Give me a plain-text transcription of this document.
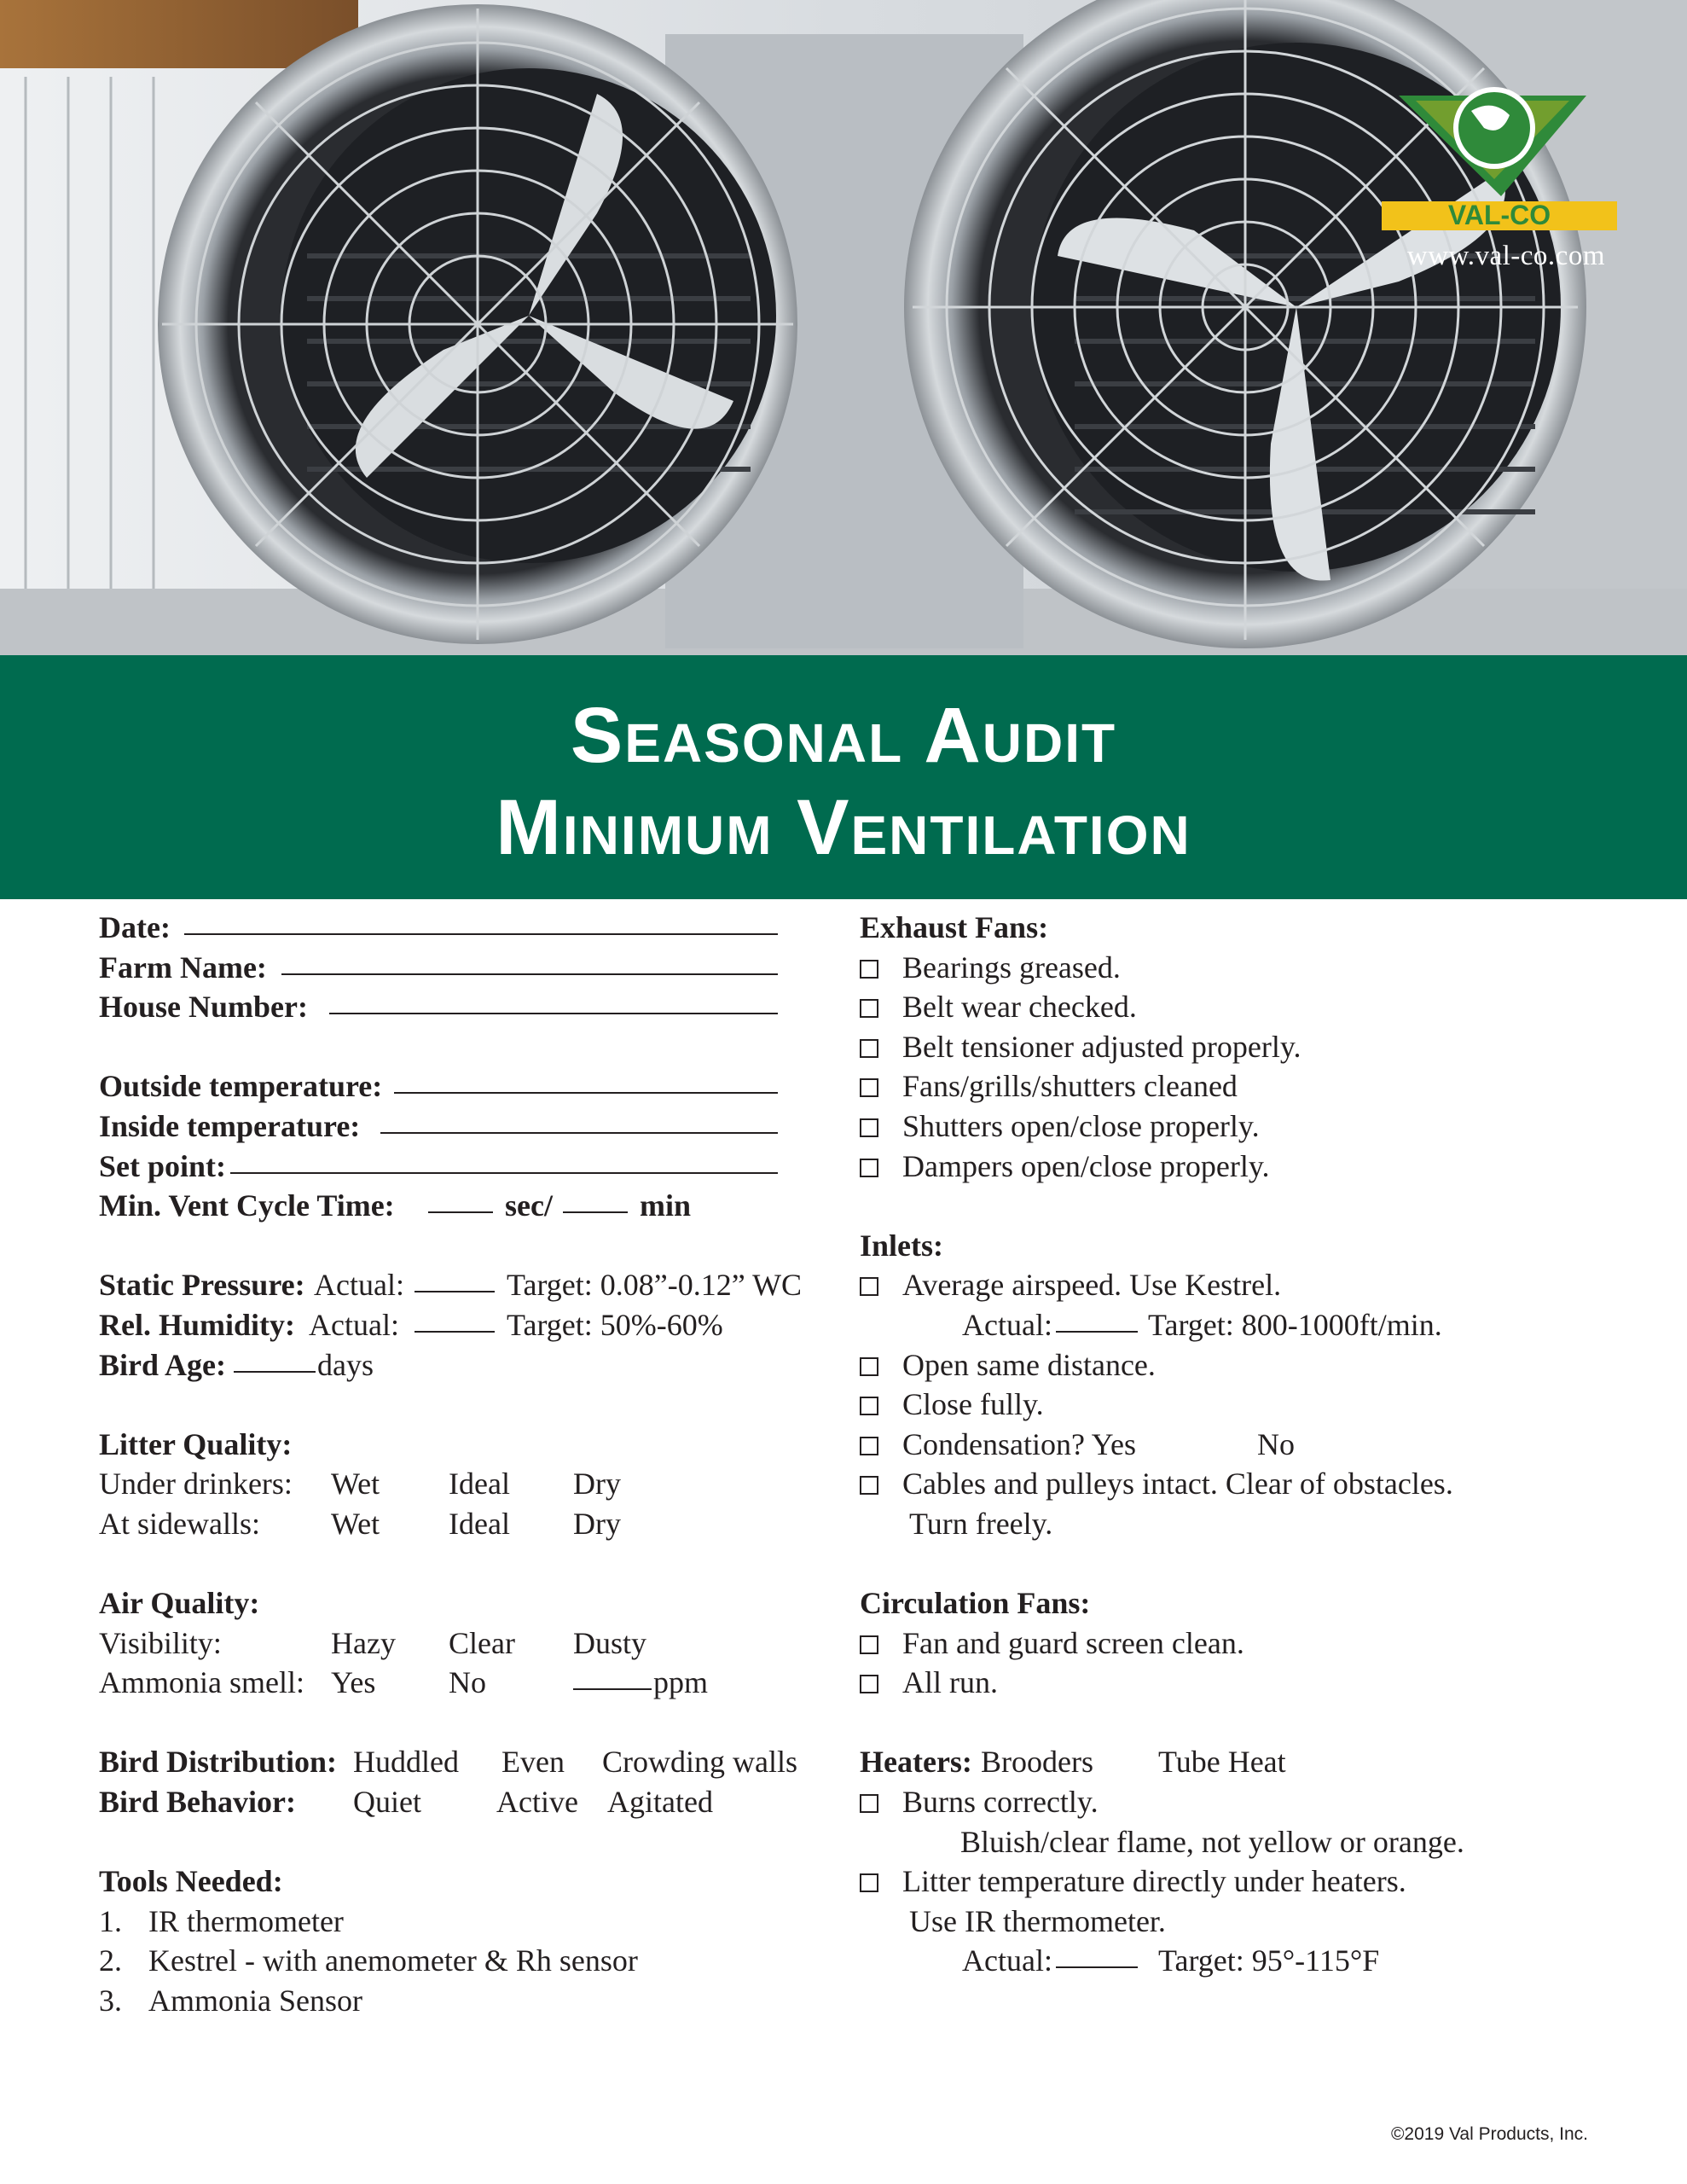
VAL-CO
www.val-co.com
Seasonal Audit
Minimum Ventilation
Date:
Farm Name:
House Number:
Outside temperature:
Inside temperature:
Set point:
Min. Vent Cycle Time:	sec/	min
Static Pressure: Actual:	Target: 0.08”-0.12” WC
Rel. Humidity: Actual:	Target: 50%-60%
Bird Age:	days
Litter Quality:
Under drinkers: Wet Ideal Dry
At sidewalls: Wet Ideal Dry
Air Quality:
Visibility:	Hazy Clear Dusty
Ammonia smell: Yes No	ppm
Bird Distribution: Huddled Even Crowding walls
Bird Behavior: Quiet Active Agitated
Tools Needed:
1. IR thermometer
2. Kestrel - with anemometer & Rh sensor
3. Ammonia Sensor
Exhaust Fans:
Bearings greased.
Belt wear checked.
Belt tensioner adjusted properly.
Fans/grills/shutters cleaned
Shutters open/close properly.
Dampers open/close properly.
Inlets:
Average airspeed. Use Kestrel.
Actual:	Target: 800-1000ft/min.
Open same distance.
Close fully.
Condensation? Yes	No
Cables and pulleys intact. Clear of obstacles.
Turn freely.
Circulation Fans:
Fan and guard screen clean.
All run.
Heaters: Brooders Tube Heat
Burns correctly.
Bluish/clear flame, not yellow or orange.
Litter temperature directly under heaters.
Use IR thermometer.
Actual:	Target: 95°-115°F
©2019 Val Products, Inc.
